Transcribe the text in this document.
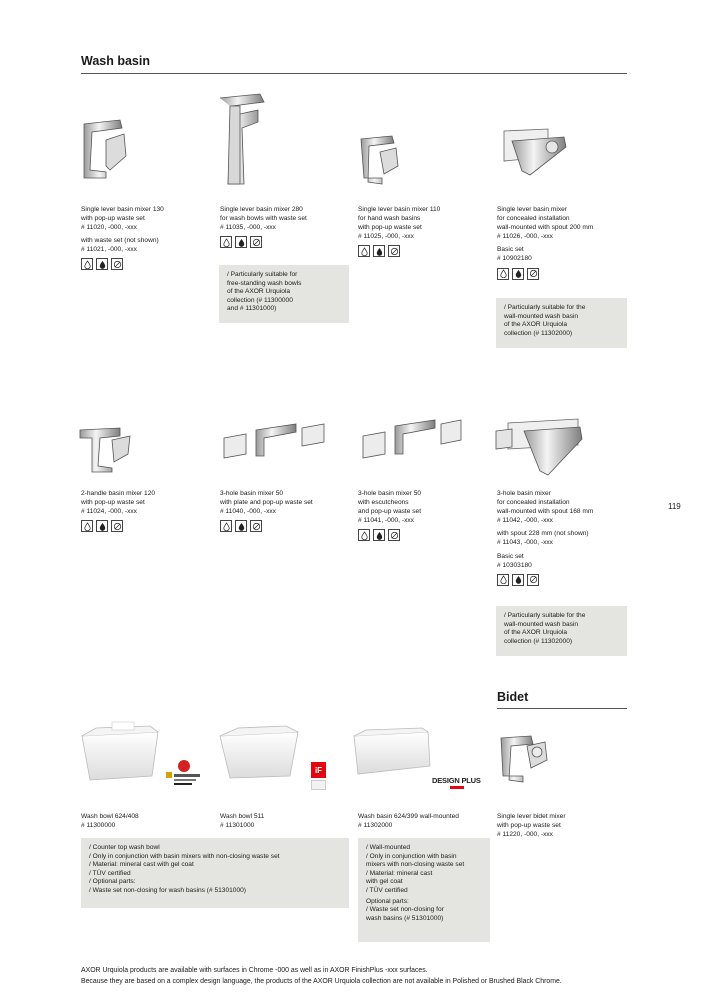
Wash basin
Bidet
119
Single lever basin mixer 130
with pop-up waste set
# 11020, -000, -xxx
with waste set (not shown)
# 11021, -000, -xxx
Single lever basin mixer 280
for wash bowls with waste set
# 11035, -000, -xxx
Single lever basin mixer 110
for hand wash basins
with pop-up waste set
# 11025, -000, -xxx
Single lever basin mixer
for concealed installation
wall-mounted with spout 200 mm
# 11026, -000, -xxx
Basic set
# 10902180
/ Particularly suitable for
free-standing wash bowls
of the AXOR Urquiola
collection (# 11300000
and # 11301000)	/ Particularly suitable for the
wall-mounted wash basin
of the AXOR Urquiola
collection (# 11302000)
2-handle basin mixer 120
with pop-up waste set
# 11024, -000, -xxx
3-hole basin mixer 50
with plate and pop-up waste set
# 11040, -000, -xxx
3-hole basin mixer 50
with escutcheons
and pop-up waste set
# 11041, -000, -xxx
3-hole basin mixer
for concealed installation
wall-mounted with spout 168 mm
# 11042, -000, -xxx
with spout 228 mm (not shown)
# 11043, -000, -xxx
Basic set
# 10303180
/ Particularly suitable for the
wall-mounted wash basin
of the AXOR Urquiola
collection (# 11302000)
iF
DESIGN PLUS
Wash bowl 624/408
# 11300000
Wash bowl 511
# 11301000
Wash basin 624/399 wall-mounted
# 11302000
Single lever bidet mixer
with pop-up waste set
# 11220, -000, -xxx
/ Counter top wash bowl
/ Only in conjunction with basin mixers with non-closing waste set
/ Material: mineral cast with gel coat
/ TÜV certified
/ Optional parts:
/ Waste set non-closing for wash basins (# 51301000)
/ Wall-mounted
/ Only in conjunction with basin
mixers with non-closing waste set
/ Material: mineral cast
with gel coat
/ TÜV certified
Optional parts:
/ Waste set non-closing for
wash basins (# 51301000)
AXOR Urquiola products are available with surfaces in Chrome -000 as well as in AXOR FinishPlus -xxx surfaces.
Because they are based on a complex design language, the products of the AXOR Urquiola collection are not available in Polished or Brushed Black Chrome.
